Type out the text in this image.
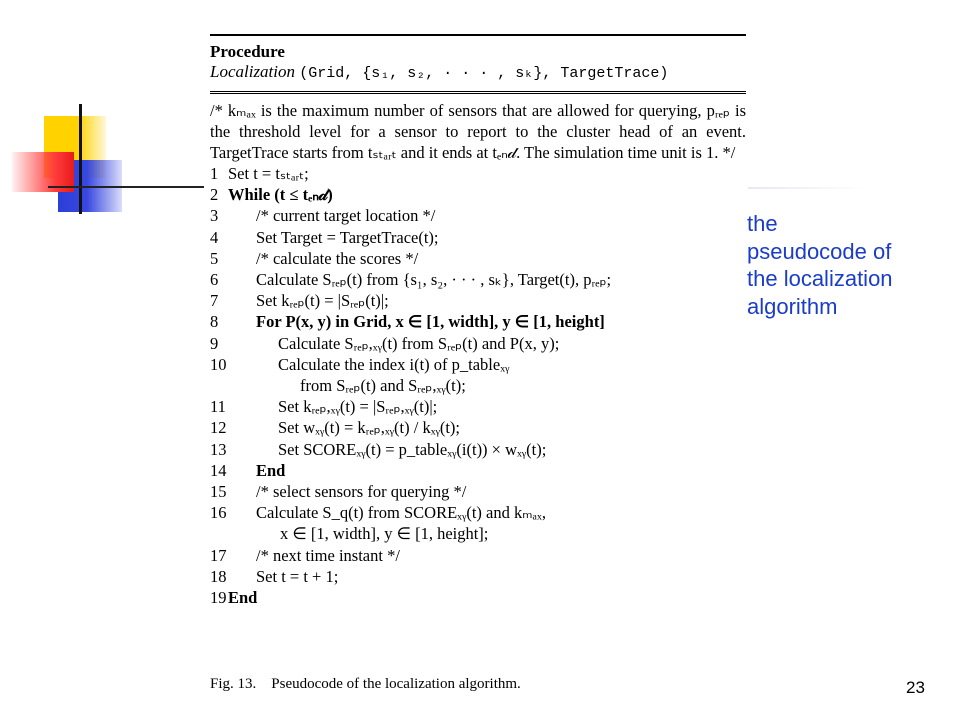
Procedure
Localization (Grid, {s₁, s₂, · · · , sₖ}, TargetTrace)
/* kₘₐₓ is the maximum number of sensors that are allowed for querying, pᵣₑₚ is the threshold level for a sensor to report to the cluster head of an event. TargetTrace starts from tₛₜₐᵣₜ and it ends at tₑₙ𝒹. The simulation time unit is 1. */
1 Set t = tₛₜₐᵣₜ;
2 While (t ≤ tₑₙ𝒹)
3 /* current target location */
4 Set Target = TargetTrace(t);
5 /* calculate the scores */
6 Calculate Sᵣₑₚ(t) from {s₁, s₂, · · · , sₖ}, Target(t), pᵣₑₚ;
7 Set kᵣₑₚ(t) = |Sᵣₑₚ(t)|;
8 For P(x, y) in Grid, x ∈ [1, width], y ∈ [1, height]
9	Calculate Sᵣₑₚ,ₓᵧ(t) from Sᵣₑₚ(t) and P(x, y);
10	Calculate the index i(t) of p_tableₓᵧ
from Sᵣₑₚ(t) and Sᵣₑₚ,ₓᵧ(t);
11	Set kᵣₑₚ,ₓᵧ(t) = |Sᵣₑₚ,ₓᵧ(t)|;
12	Set wₓᵧ(t) = kᵣₑₚ,ₓᵧ(t) / kₓᵧ(t);
13	Set SCOREₓᵧ(t) = p_tableₓᵧ(i(t)) × wₓᵧ(t);
14 End
15 /* select sensors for querying */
16 Calculate S_q(t) from SCOREₓᵧ(t) and kₘₐₓ,
x ∈ [1, width], y ∈ [1, height];
17 /* next time instant */
18 Set t = t + 1;
19End
Fig. 13.    Pseudocode of the localization algorithm.
the
pseudocode of
the localization
algorithm
23
